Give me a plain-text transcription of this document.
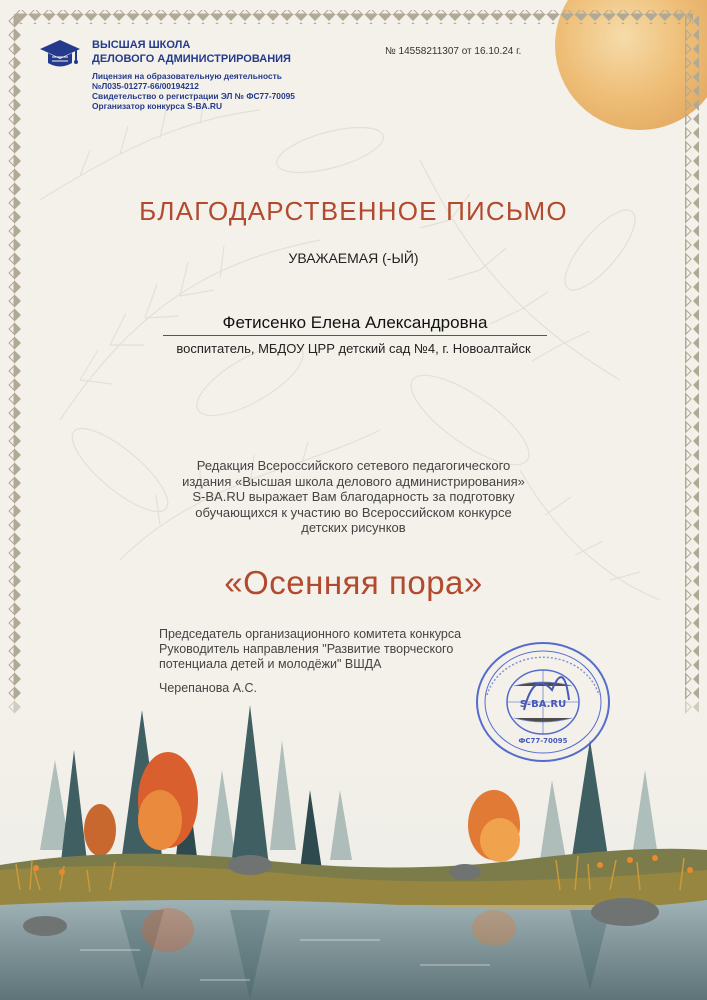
ВЫСШАЯ ШКОЛА
ДЕЛОВОГО АДМИНИСТРИРОВАНИЯ
Лицензия на образовательную деятельность
№Л035-01277-66/00194212
Свидетельство о регистрации ЭЛ № ФС77-70095
Организатор конкурса S-BA.RU
№ 14558211307 от 16.10.24 г.
БЛАГОДАРСТВЕННОЕ ПИСЬМО
УВАЖАЕМАЯ (-ЫЙ)
Фетисенко Елена Александровна
воспитатель, МБДОУ ЦРР детский сад №4, г. Новоалтайск
Редакция Всероссийского сетевого педагогического
издания «Высшая школа делового администрирования»
S-BA.RU выражает Вам благодарность за подготовку
обучающихся к участию во Всероссийском конкурсе
детских рисунков
«Осенняя пора»
Председатель организационного комитета конкурса
Руководитель направления "Развитие творческого
потенциала детей и молодёжи" ВШДА
Черепанова А.С.
S-BA.RU
ФС77-70095
